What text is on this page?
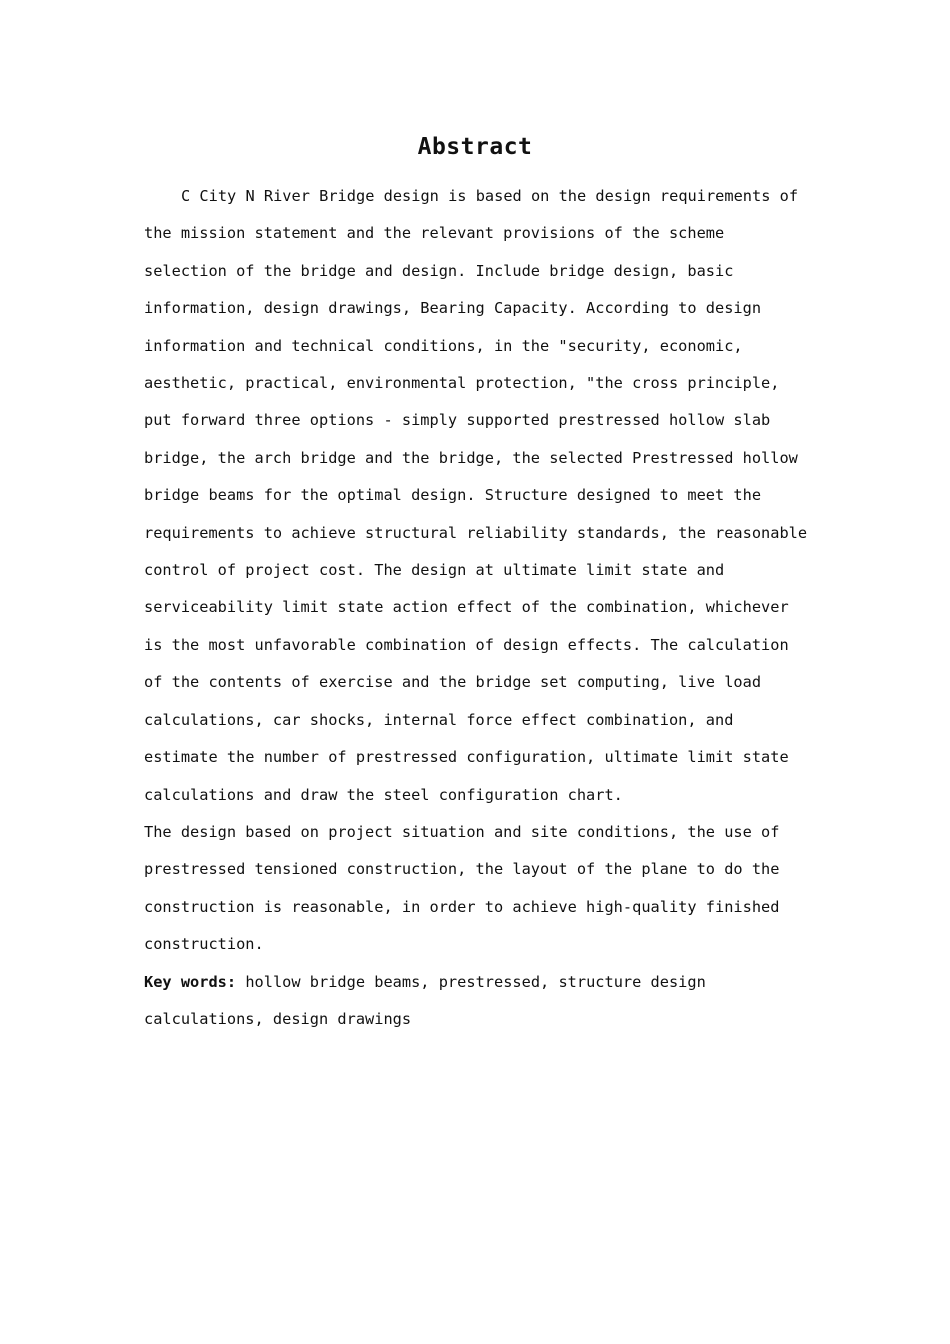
Abstract

C City N River Bridge design is based on the design requirements of the mission statement and the relevant provisions of the scheme selection of the bridge and design. Include bridge design, basic information, design drawings, Bearing Capacity. According to design information and technical conditions, in the "security, economic, aesthetic, practical, environmental protection, "the cross principle, put forward three options - simply supported prestressed hollow slab bridge, the arch bridge and the bridge, the selected Prestressed hollow bridge beams for the optimal design. Structure designed to meet the requirements to achieve structural reliability standards, the reasonable control of project cost. The design at ultimate limit state and serviceability limit state action effect of the combination, whichever is the most unfavorable combination of design effects. The calculation of the contents of exercise and the bridge set computing, live load calculations, car shocks, internal force effect combination, and estimate the number of prestressed configuration, ultimate limit state calculations and draw the steel configuration chart.

The design based on project situation and site conditions, the use of prestressed tensioned construction, the layout of the plane to do the construction is reasonable, in order to achieve high-quality finished construction.

Key words: hollow bridge beams, prestressed, structure design calculations, design drawings
